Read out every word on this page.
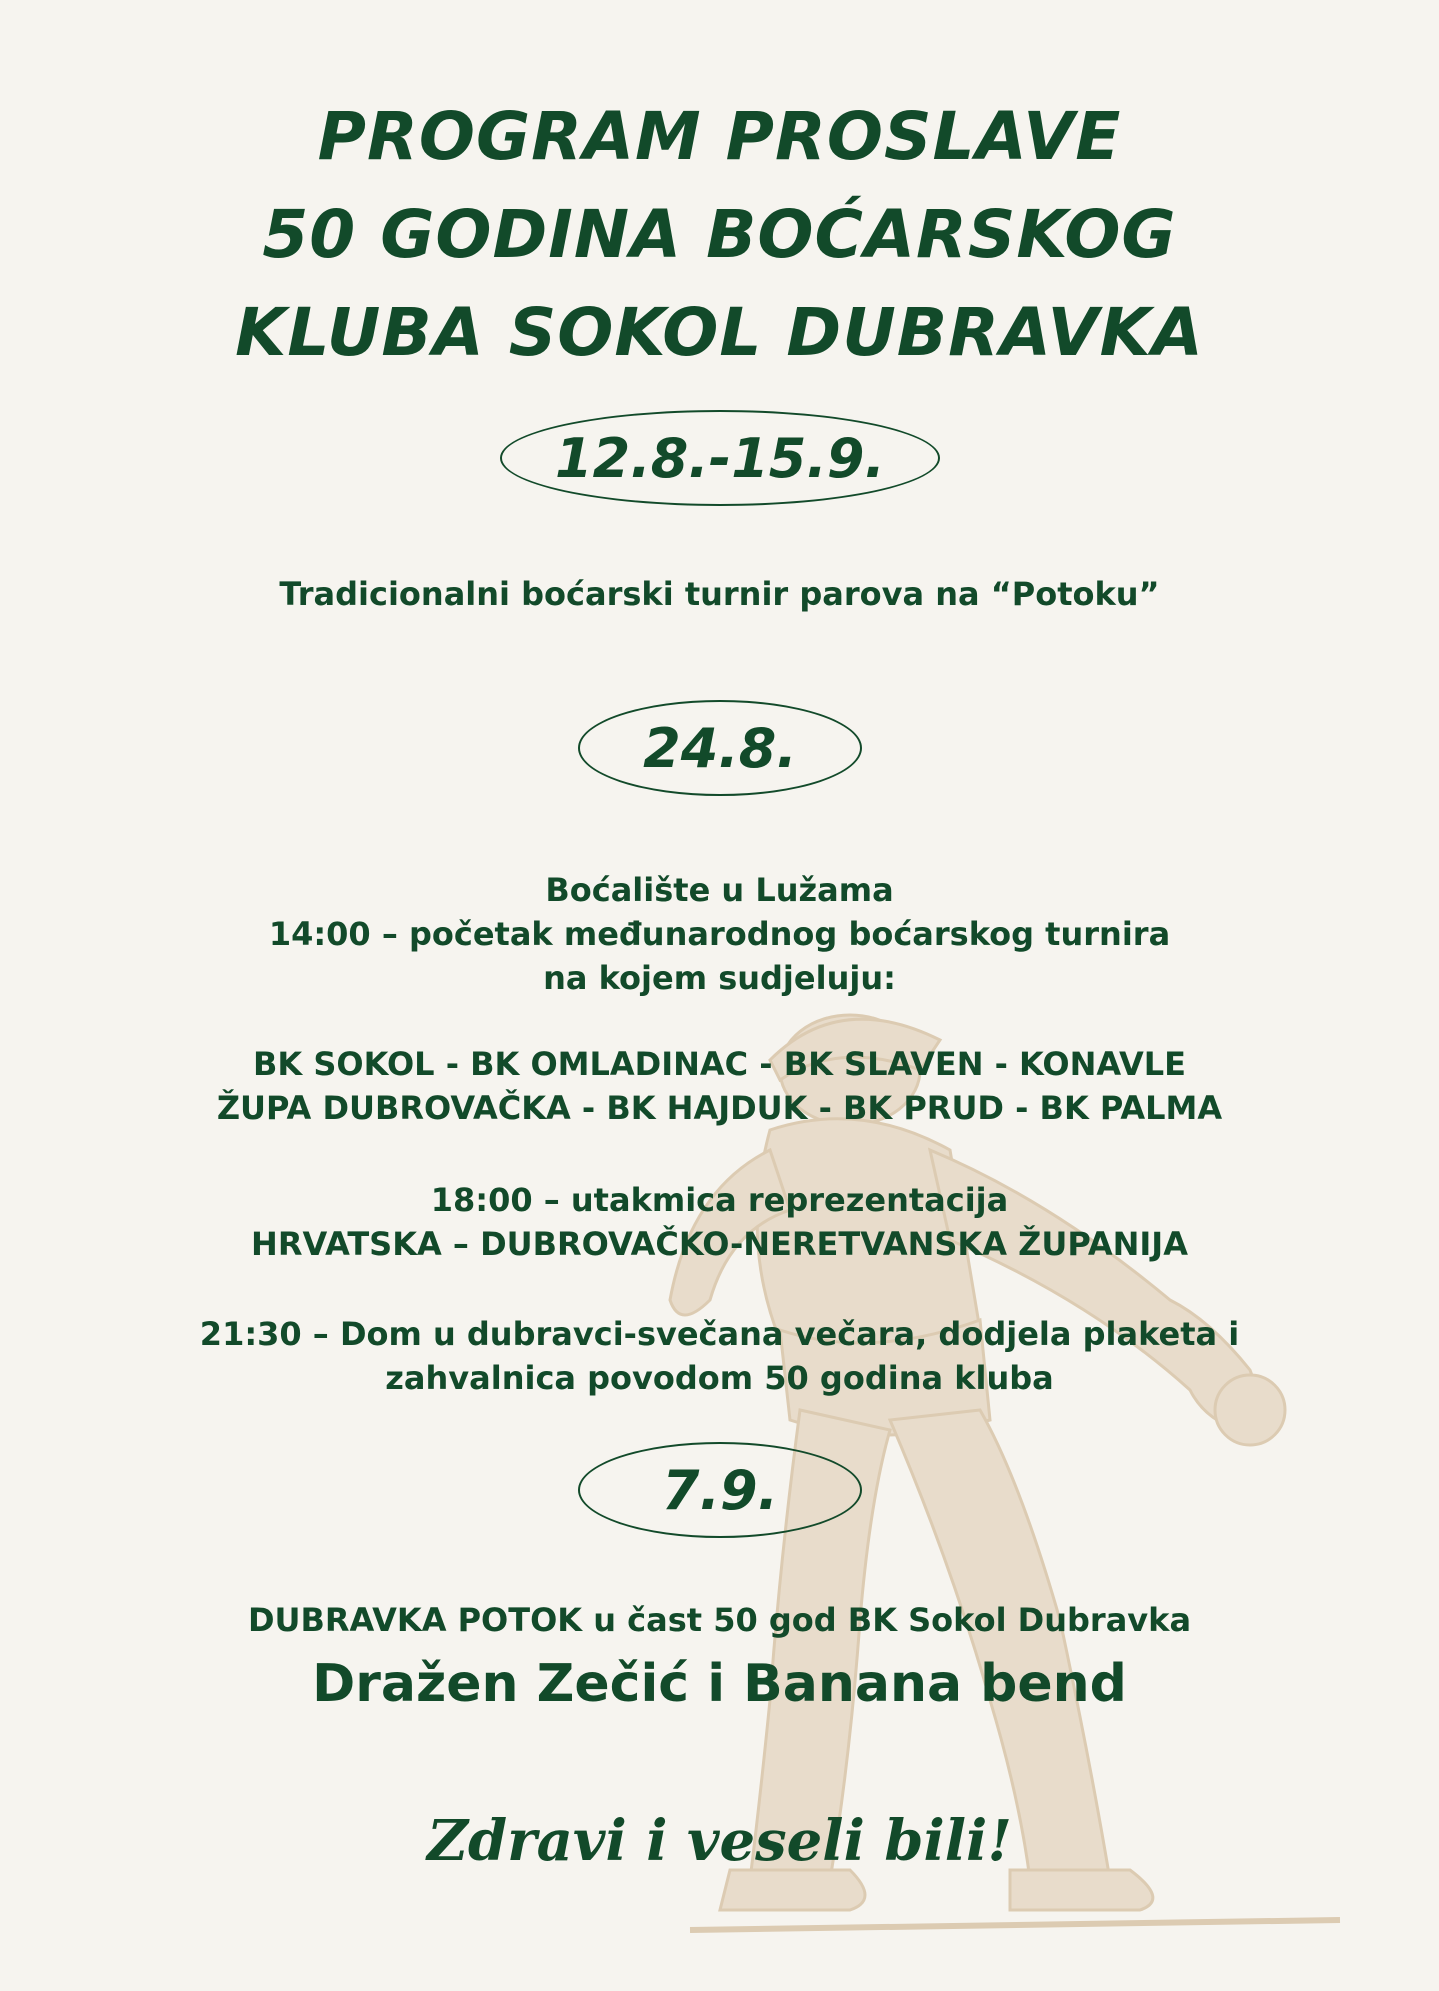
PROGRAM PROSLAVE
50 GODINA BOĆARSKOG
KLUBA SOKOL DUBRAVKA
12.8.-15.9.
Tradicionalni boćarski turnir parova na “Potoku”
24.8.
Boćalište u Lužama
14:00 – početak međunarodnog boćarskog turnira
na kojem sudjeluju:
BK SOKOL - BK OMLADINAC - BK SLAVEN - KONAVLE
ŽUPA DUBROVAČKA - BK HAJDUK - BK PRUD - BK PALMA
18:00 – utakmica reprezentacija
HRVATSKA – DUBROVAČKO-NERETVANSKA ŽUPANIJA
21:30 – Dom u dubravci-svečana večara, dodjela plaketa i
zahvalnica povodom 50 godina kluba
7.9.
DUBRAVKA POTOK u čast 50 god BK Sokol Dubravka
Dražen Zečić i Banana bend
Zdravi i veseli bili!
